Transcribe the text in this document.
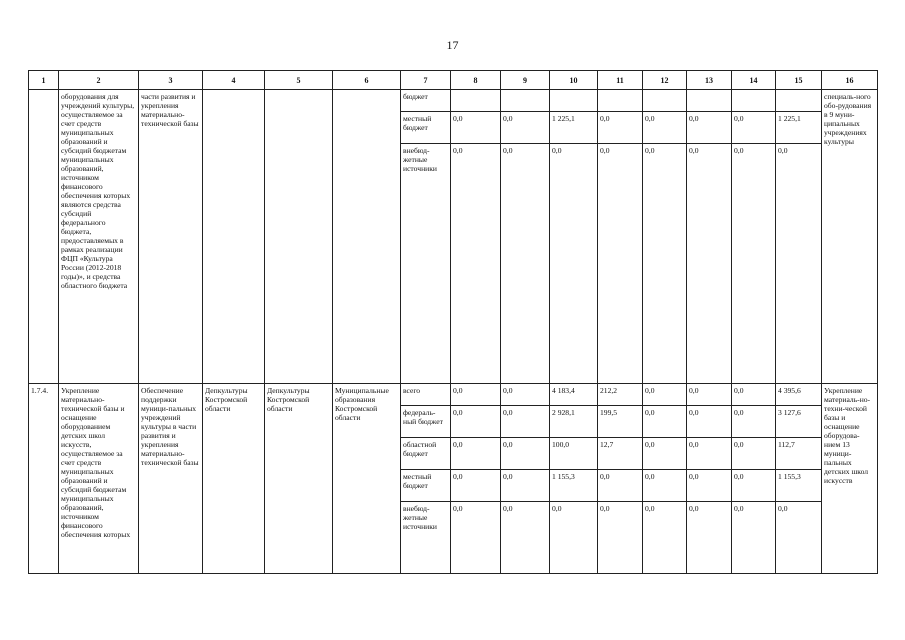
17
1	2	3	4	5	6	7	8	9	10	11	12	13	14	15	16
	оборудования для учреждений культуры, осуществляемое за счет средств муниципальных образований и субсидий бюджетам муниципальных образований, источником финансового обеспечения которых являются средства субсидий федерального бюджета, предоставляемых в рамках реализации ФЦП «Культура России (2012-2018 годы)», и средства областного бюджета	части развития и укрепления материально-технической базы				бюджет									специаль-ного обо-рудования в 9 муни-ципальных учреждениях культуры
						местный бюджет	0,0	0,0	1 225,1	0,0	0,0	0,0	0,0	1 225,1	
						внебюд-жетные источники	0,0	0,0	0,0	0,0	0,0	0,0	0,0	0,0	
1.7.4.	Укрепление материально-технической базы и оснащение оборудованием детских школ искусств, осуществляемое за счет средств муниципальных образований и субсидий бюджетам муниципальных образований, источником финансового обеспечения которых	Обеспечение поддержки муници-пальных учреждений культуры в части развития и укрепления материально-технической базы	Депкультуры Костромской области	Депкультуры Костромской области	Муниципальные образования Костромской области	всего	0,0	0,0	4 183,4	212,2	0,0	0,0	0,0	4 395,6	Укрепление материаль-но-техни-ческой базы и оснащение оборудова-нием 13 муници-пальных детских школ искусств
						федераль-ный бюджет	0,0	0,0	2 928,1	199,5	0,0	0,0	0,0	3 127,6	
						областной бюджет	0,0	0,0	100,0	12,7	0,0	0,0	0,0	112,7	
						местный бюджет	0,0	0,0	1 155,3	0,0	0,0	0,0	0,0	1 155,3	
						внебюд-жетные источники	0,0	0,0	0,0	0,0	0,0	0,0	0,0	0,0	
